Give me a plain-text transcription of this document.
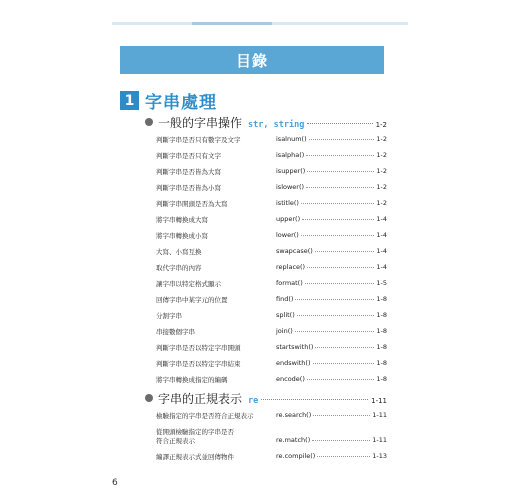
目錄
1 字串處理
一般的字串操作 str, string	1-2
判斷字串是否只有數字及文字	isalnum()	1-2
判斷字串是否只有文字	isalpha()	1-2
判斷字串是否皆為大寫	isupper()	1-2
判斷字串是否皆為小寫	islower()	1-2
判斷字串開頭是否為大寫	istitle()	1-2
將字串轉換成大寫	upper()	1-4
將字串轉換成小寫	lower()	1-4
大寫、小寫互換	swapcase()	1-4
取代字串的內容	replace()	1-4
讓字串以特定格式顯示	format()	1-5
回傳字串中某字元的位置	find()	1-8
分割字串	split()	1-8
串接數個字串	join()	1-8
判斷字串是否以特定字串開頭	startswith()	1-8
判斷字串是否以特定字串結束	endswith()	1-8
將字串轉換成指定的編碼	encode()	1-8
字串的正規表示 re	1-11
檢驗指定的字串是否符合正規表示	re.search()	1-11
從開頭檢驗指定的字串是否
符合正規表示	re.match()	1-11
編譯正規表示式並回傳物件	re.compile()	1-13
6
